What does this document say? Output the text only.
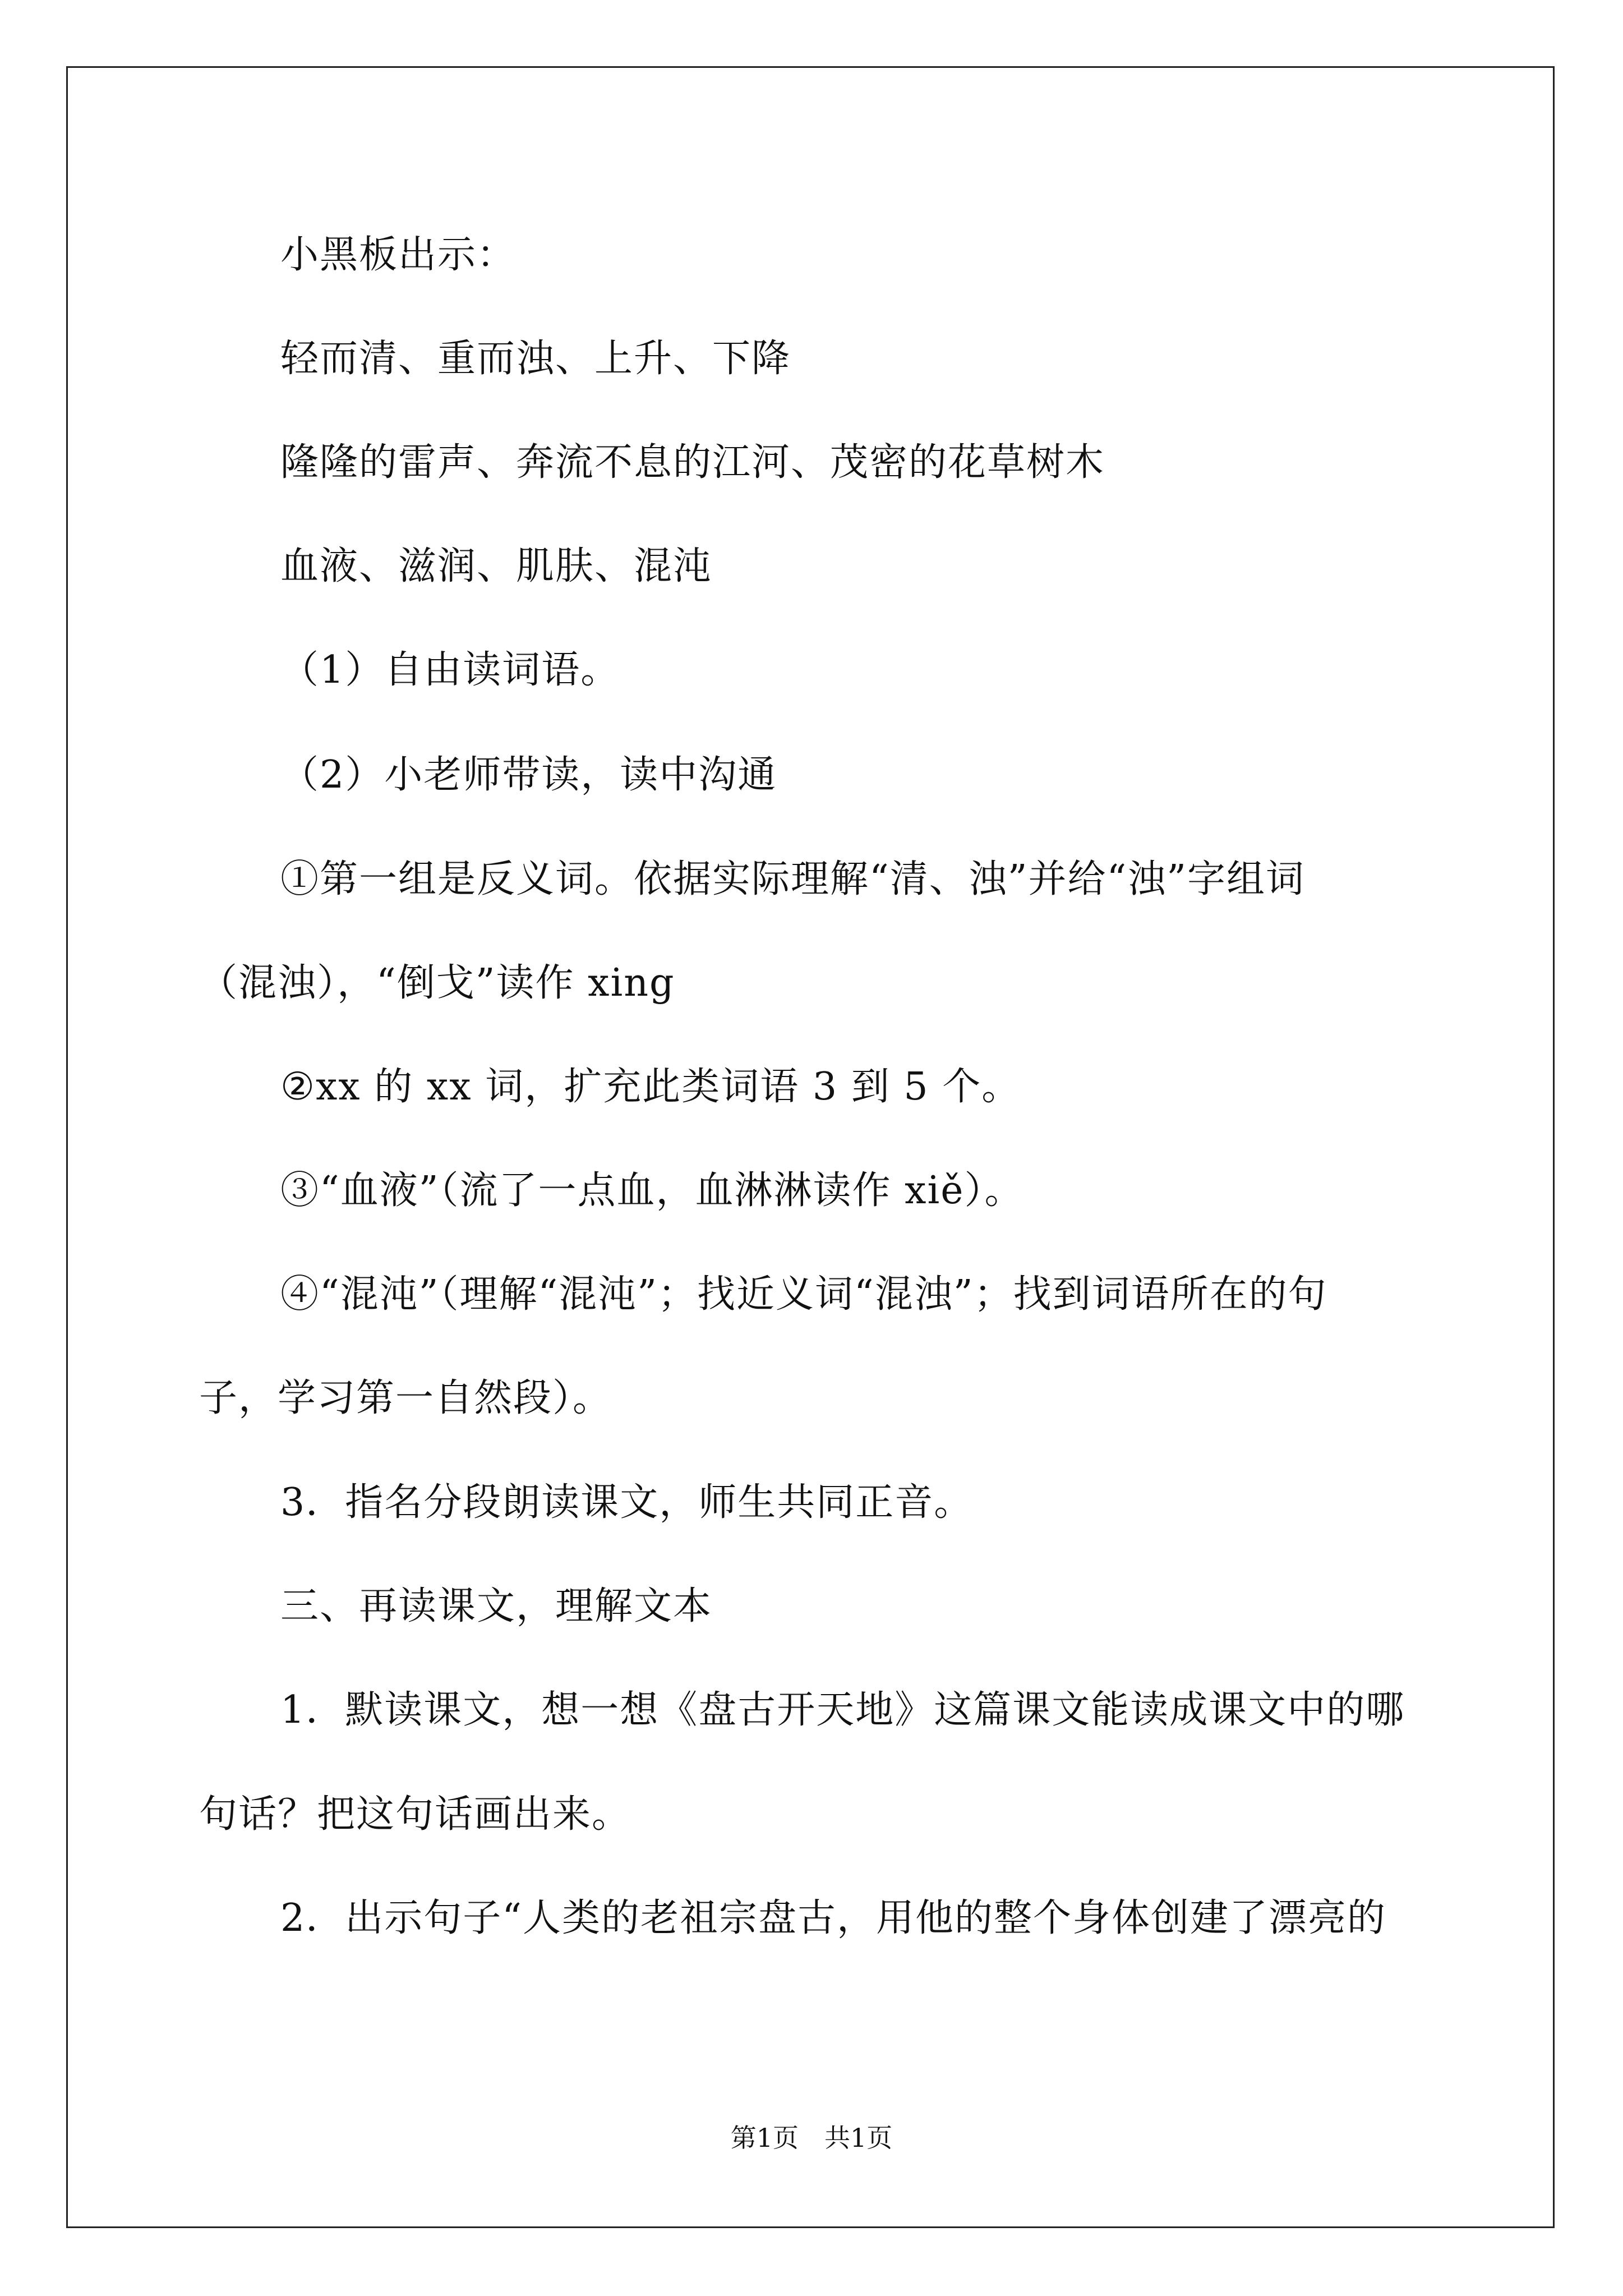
小黑板出示：
轻而清、重而浊、上升、下降
隆隆的雷声、奔流不息的江河、茂密的花草树木
血液、滋润、肌肤、混沌
（1）自由读词语。
（2）小老师带读，读中沟通
①第一组是反义词。依据实际理解“清、浊”并给“浊”字组词
（混浊），“倒戈”读作 xing
②xx 的 xx 词，扩充此类词语 3 到 5 个。
③“血液”（流了一点血，血淋淋读作 xiě）。
④“混沌”（理解“混沌”；找近义词“混浊”；找到词语所在的句
子，学习第一自然段）。
3．指名分段朗读课文，师生共同正音。
三、再读课文，理解文本
1．默读课文，想一想《盘古开天地》这篇课文能读成课文中的哪
句话？把这句话画出来。
2．出示句子“人类的老祖宗盘古，用他的整个身体创建了漂亮的
第1页　共1页
